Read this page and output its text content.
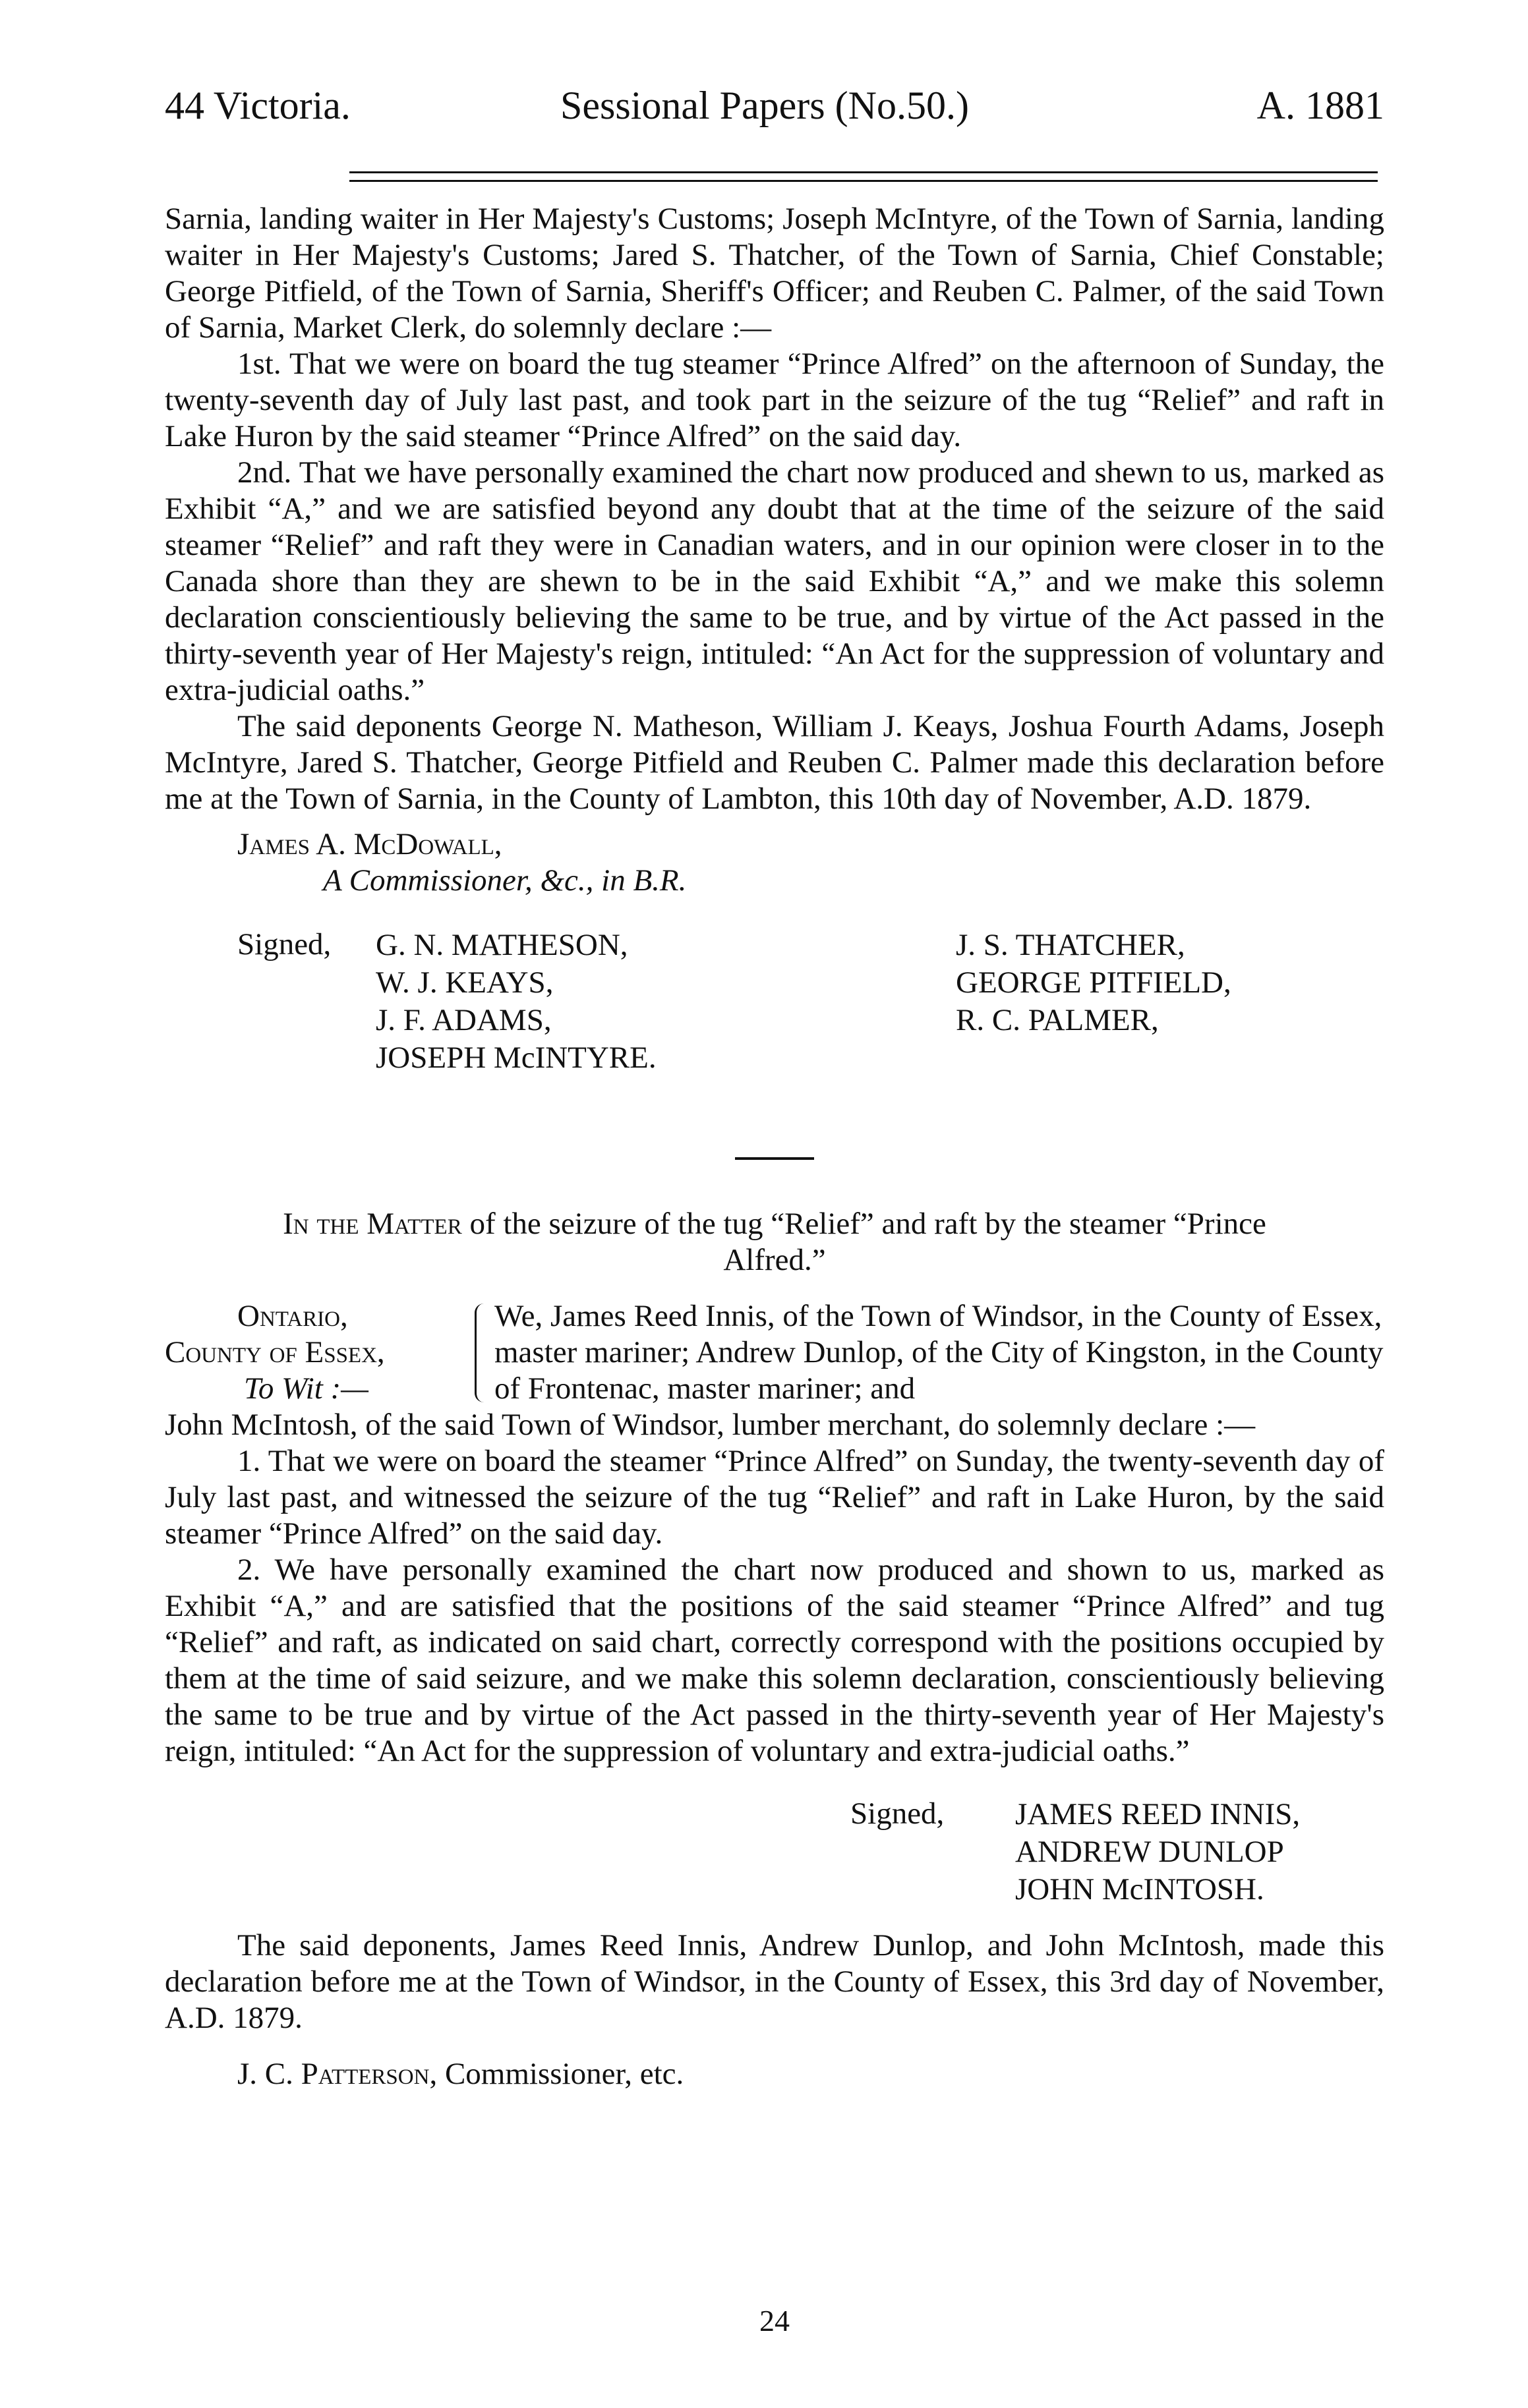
44 Victoria.	Sessional Papers (No.50.)	A. 1881

Sarnia, landing waiter in Her Majesty's Customs; Joseph McIntyre, of the Town of Sarnia, landing waiter in Her Majesty's Customs; Jared S. Thatcher, of the Town of Sarnia, Chief Constable; George Pitfield, of the Town of Sarnia, Sheriff's Officer; and Reuben C. Palmer, of the said Town of Sarnia, Market Clerk, do solemnly declare :—

1st. That we were on board the tug steamer “Prince Alfred” on the afternoon of Sunday, the twenty-seventh day of July last past, and took part in the seizure of the tug “Relief” and raft in Lake Huron by the said steamer “Prince Alfred” on the said day.

2nd. That we have personally examined the chart now produced and shewn to us, marked as Exhibit “A,” and we are satisfied beyond any doubt that at the time of the seizure of the said steamer “Relief” and raft they were in Canadian waters, and in our opinion were closer in to the Canada shore than they are shewn to be in the said Exhibit “A,” and we make this solemn declaration conscientiously believing the same to be true, and by virtue of the Act passed in the thirty-seventh year of Her Majesty's reign, intituled: “An Act for the suppression of voluntary and extra-judicial oaths.”

The said deponents George N. Matheson, William J. Keays, Joshua Fourth Adams, Joseph McIntyre, Jared S. Thatcher, George Pitfield and Reuben C. Palmer made this declaration before me at the Town of Sarnia, in the County of Lambton, this 10th day of November, A.D. 1879.

James A. McDowall,
A Commissioner, &c., in B.R.
Signed, G. N. MATHESON,
W. J. KEAYS,
J. F. ADAMS,
JOSEPH McINTYRE.
J. S. THATCHER,
GEORGE PITFIELD,
R. C. PALMER,
In the Matter of the seizure of the tug “Relief” and raft by the steamer “Prince
Alfred.”
Ontario,
County of Essex,
To Wit :—
We, James Reed Innis, of the Town of Windsor, in the County of Essex, master mariner; Andrew Dunlop, of the City of Kingston, in the County of Frontenac, master mariner; and

John McIntosh, of the said Town of Windsor, lumber merchant, do solemnly declare :—

1. That we were on board the steamer “Prince Alfred” on Sunday, the twenty-seventh day of July last past, and witnessed the seizure of the tug “Relief” and raft in Lake Huron, by the said steamer “Prince Alfred” on the said day.

2. We have personally examined the chart now produced and shown to us, marked as Exhibit “A,” and are satisfied that the positions of the said steamer “Prince Alfred” and tug “Relief” and raft, as indicated on said chart, correctly correspond with the positions occupied by them at the time of said seizure, and we make this solemn declaration, conscientiously believing the same to be true and by virtue of the Act passed in the thirty-seventh year of Her Majesty's reign, intituled: “An Act for the suppression of voluntary and extra-judicial oaths.”

Signed, JAMES REED INNIS,
ANDREW DUNLOP
JOHN McINTOSH.

The said deponents, James Reed Innis, Andrew Dunlop, and John McIntosh, made this declaration before me at the Town of Windsor, in the County of Essex, this 3rd day of November, A.D. 1879.

J. C. Patterson, Commissioner, etc.
24
